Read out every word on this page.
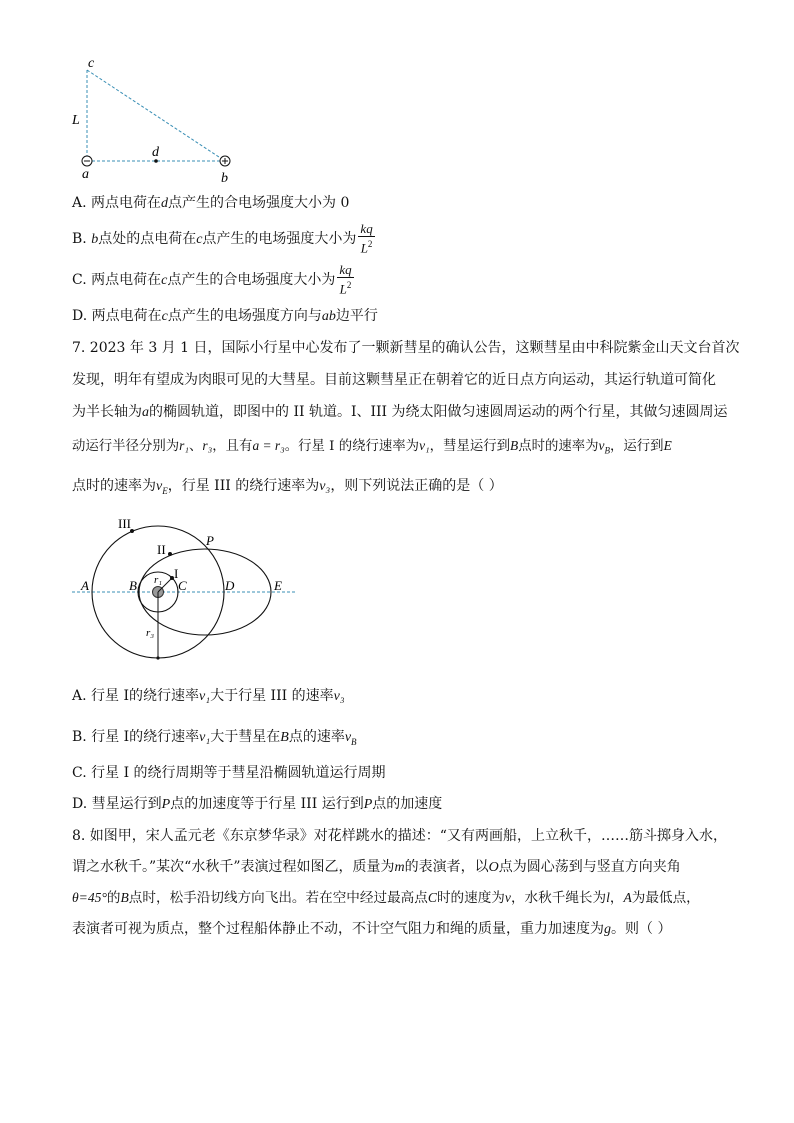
c
L
d
a	b
A. 两点电荷在d点产生的合电场强度大小为 0
B. b点处的点电荷在c点产生的电场强度大小为 $\frac{kq}{L^2}$
C. 两点电荷在c点产生的合电场强度大小为 $\frac{kq}{L^2}$
D. 两点电荷在c点产生的电场强度方向与ab边平行
7. 2023 年 3 月 1 日，国际小行星中心发布了一颗新彗星的确认公告，这颗彗星由中科院紫金山天文台首次
发现，明年有望成为肉眼可见的大彗星。目前这颗彗星正在朝着它的近日点方向运动，其运行轨道可简化
为半长轴为a的椭圆轨道，即图中的 II 轨道。I、III 为绕太阳做匀速圆周运动的两个行星，其做匀速圆周运
动运行半径分别为r₁、r₃，且有a = r₃。行星 I 的绕行速率为v₁，彗星运行到B点时的速率为$v_B$，运行到E
点时的速率为$v_E$，行星 III 的绕行速率为v₃，则下列说法正确的是（ ）
III
II
P
A	B r₁ I
C	D	E
r₃
A. 行星 I的绕行速率v₁大于行星 III 的速率v₃
B. 行星 I的绕行速率v₁大于彗星在B点的速率$v_B$
C. 行星 I 的绕行周期等于彗星沿椭圆轨道运行周期
D. 彗星运行到P点的加速度等于行星 III 运行到P点的加速度
8. 如图甲，宋人孟元老《东京梦华录》对花样跳水的描述：“又有两画船，上立秋千，……筋斗掷身入水，
谓之水秋千。”某次“水秋千”表演过程如图乙，质量为m的表演者，以O点为圆心荡到与竖直方向夹角
θ=45°的B点时，松手沿切线方向飞出。若在空中经过最高点C时的速度为v，水秋千绳长为l，A为最低点，
表演者可视为质点，整个过程船体静止不动，不计空气阻力和绳的质量，重力加速度为g。则（ ）
